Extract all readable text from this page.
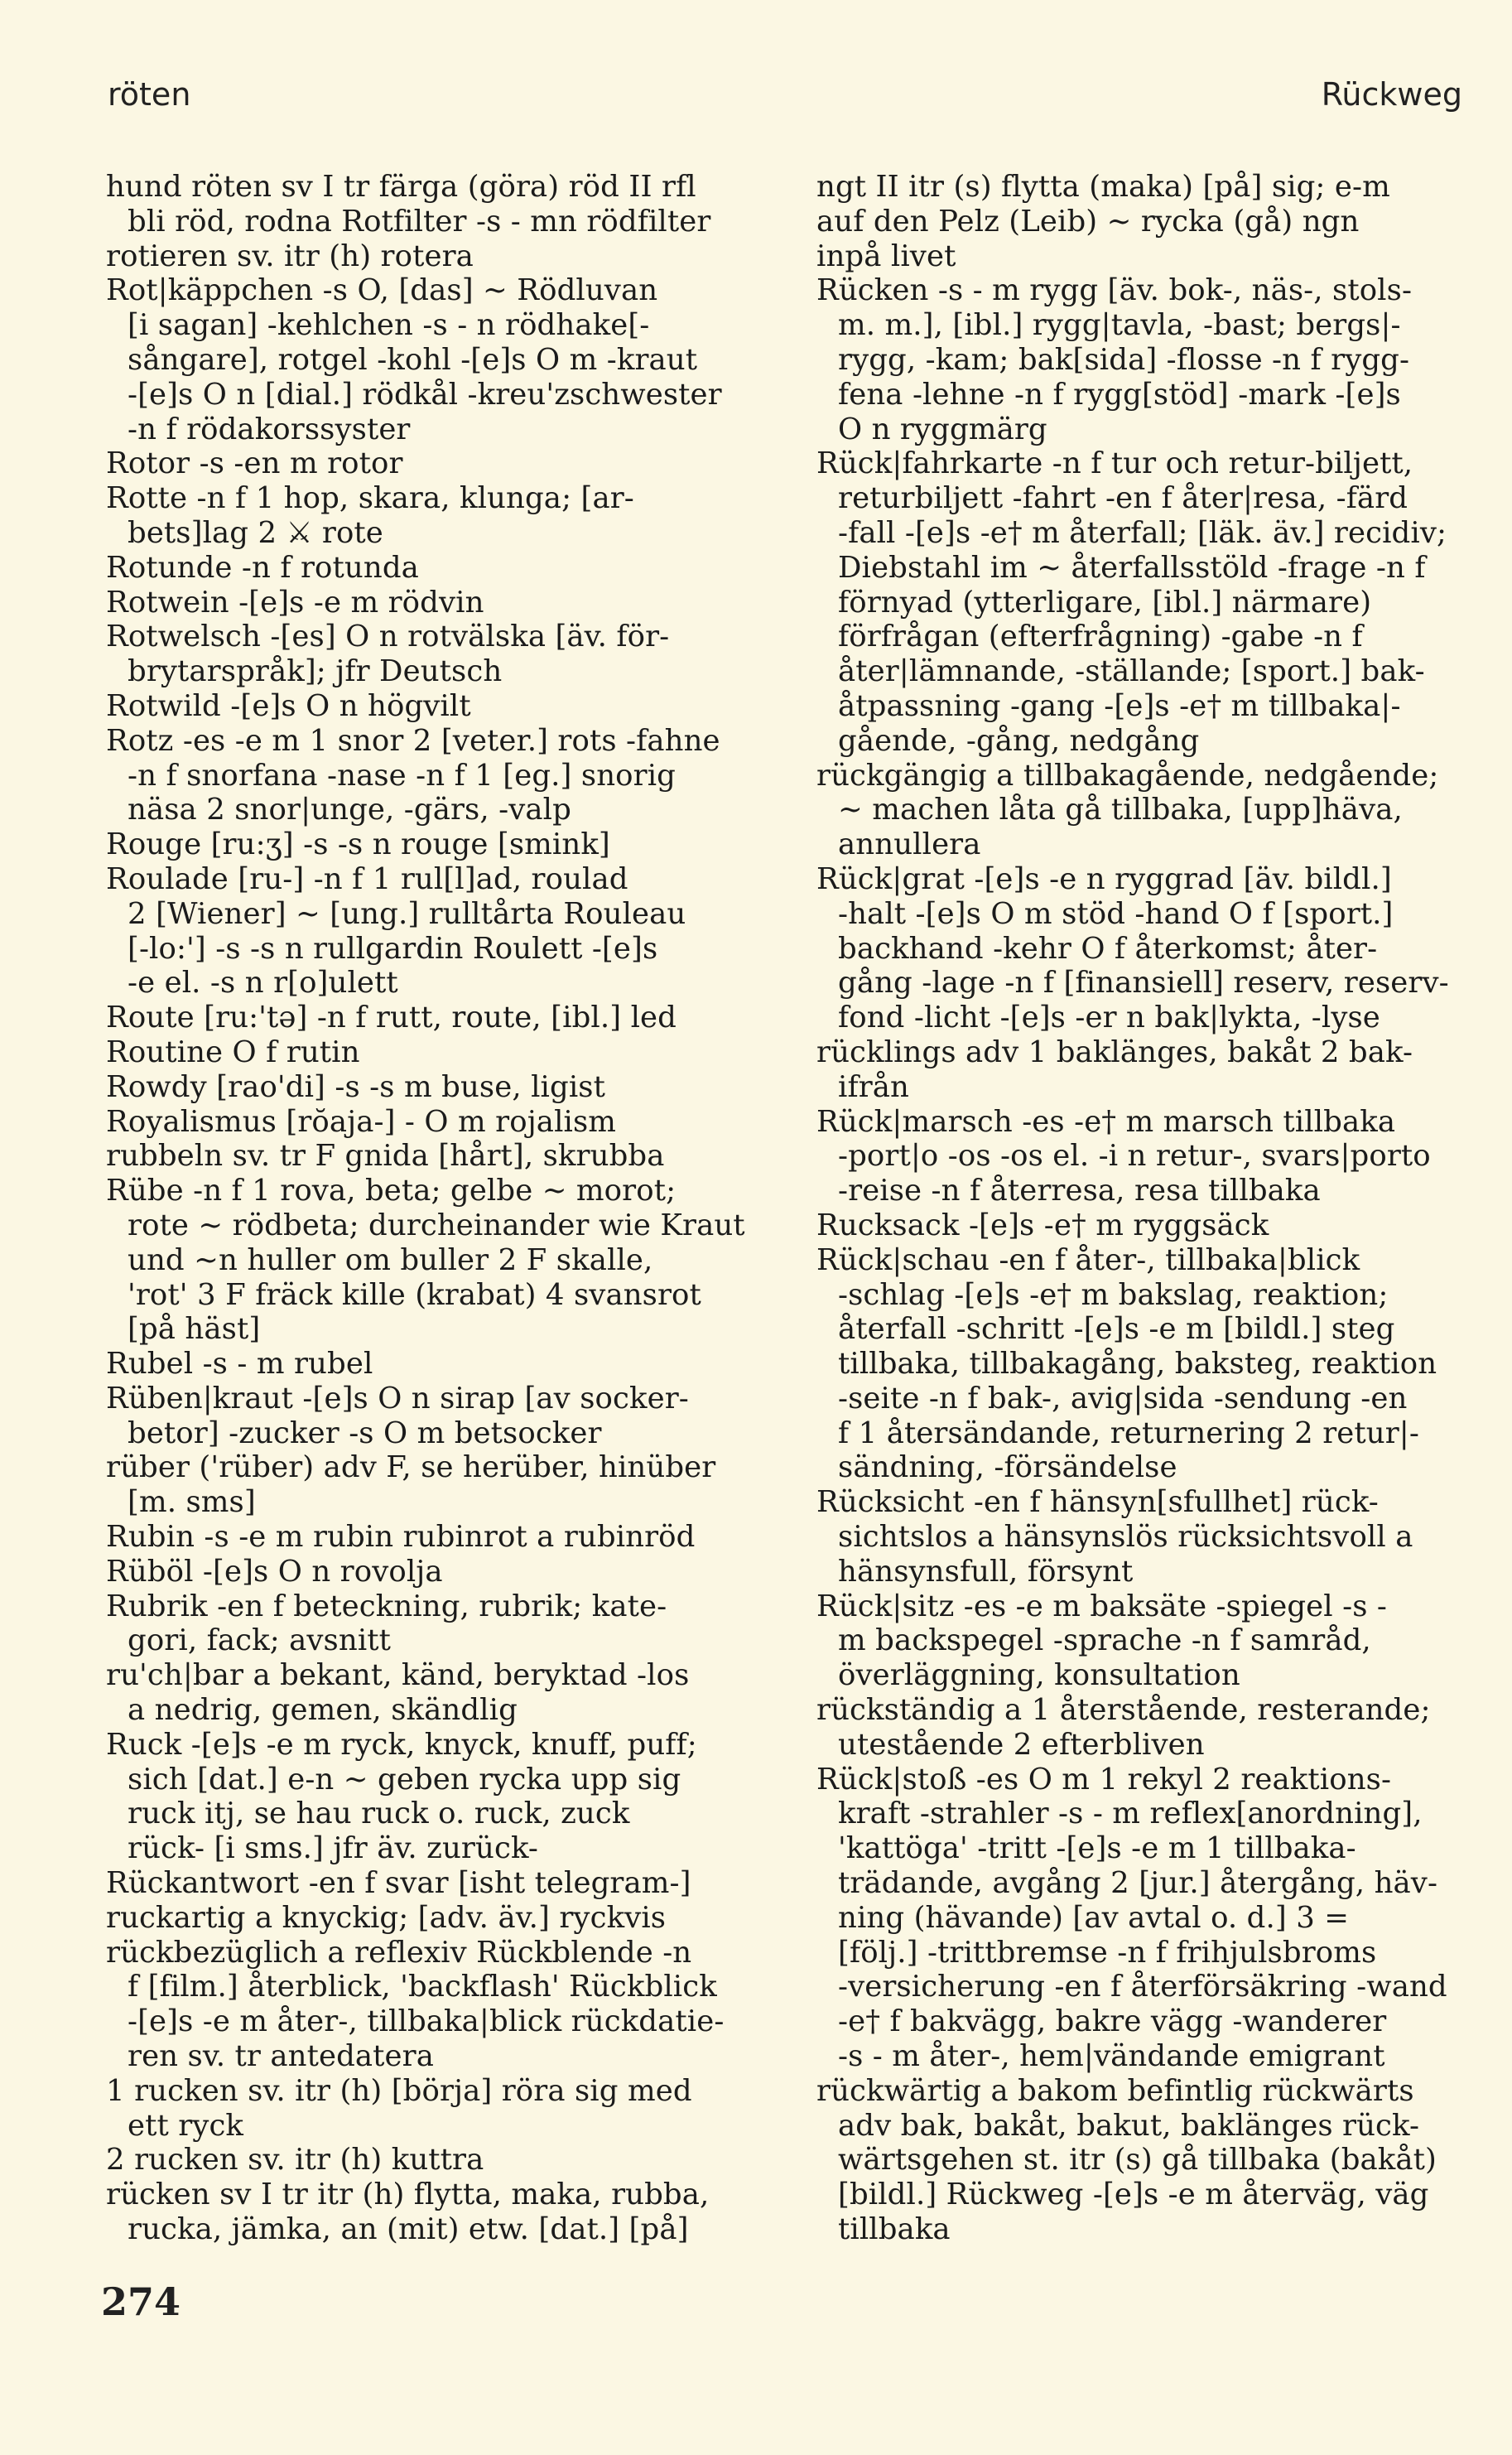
röten	Rückweg
hund röten sv I tr färga (göra) röd II rfl
bli röd, rodna Rotfilter -s - mn rödfilter
rotieren sv. itr (h) rotera
Rot|käppchen -s O, [das] ~ Rödluvan
[i sagan] -kehlchen -s - n rödhake[-
sångare], rotgel -kohl -[e]s O m -kraut
-[e]s O n [dial.] rödkål -kreu'zschwester
-n f rödakorssyster
Rotor -s -en m rotor
Rotte -n f 1 hop, skara, klunga; [ar-
bets]lag 2 ⚔ rote
Rotunde -n f rotunda
Rotwein -[e]s -e m rödvin
Rotwelsch -[es] O n rotvälska [äv. för-
brytarspråk]; jfr Deutsch
Rotwild -[e]s O n högvilt
Rotz -es -e m 1 snor 2 [veter.] rots -fahne
-n f snorfana -nase -n f 1 [eg.] snorig
näsa 2 snor|unge, -gärs, -valp
Rouge [ru:ʒ] -s -s n rouge [smink]
Roulade [ru-] -n f 1 rul[l]ad, roulad
2 [Wiener] ~ [ung.] rulltårta Rouleau
[-lo:'] -s -s n rullgardin Roulett -[e]s
-e el. -s n r[o]ulett
Route [ru:'tə] -n f rutt, route, [ibl.] led
Routine O f rutin
Rowdy [rao'di] -s -s m buse, ligist
Royalismus [rŏaja-] - O m rojalism
rubbeln sv. tr F gnida [hårt], skrubba
Rübe -n f 1 rova, beta; gelbe ~ morot;
rote ~ rödbeta; durcheinander wie Kraut
und ~n huller om buller 2 F skalle,
'rot' 3 F fräck kille (krabat) 4 svansrot
[på häst]
Rubel -s - m rubel
Rüben|kraut -[e]s O n sirap [av socker-
betor] -zucker -s O m betsocker
rüber ('rüber) adv F, se herüber, hinüber
[m. sms]
Rubin -s -e m rubin rubinrot a rubinröd
Rüböl -[e]s O n rovolja
Rubrik -en f beteckning, rubrik; kate-
gori, fack; avsnitt
ru'ch|bar a bekant, känd, beryktad -los
a nedrig, gemen, skändlig
Ruck -[e]s -e m ryck, knyck, knuff, puff;
sich [dat.] e-n ~ geben rycka upp sig
ruck itj, se hau ruck o. ruck, zuck
rück- [i sms.] jfr äv. zurück-
Rückantwort -en f svar [isht telegram-]
ruckartig a knyckig; [adv. äv.] ryckvis
rückbezüglich a reflexiv Rückblende -n
f [film.] återblick, 'backflash' Rückblick
-[e]s -e m åter-, tillbaka|blick rückdatie-
ren sv. tr antedatera
1 rucken sv. itr (h) [börja] röra sig med
ett ryck
2 rucken sv. itr (h) kuttra
rücken sv I tr itr (h) flytta, maka, rubba,
rucka, jämka, an (mit) etw. [dat.] [på]
ngt II itr (s) flytta (maka) [på] sig; e-m
auf den Pelz (Leib) ~ rycka (gå) ngn
inpå livet
Rücken -s - m rygg [äv. bok-, näs-, stols-
m. m.], [ibl.] rygg|tavla, -bast; bergs|-
rygg, -kam; bak[sida] -flosse -n f rygg-
fena -lehne -n f rygg[stöd] -mark -[e]s
O n ryggmärg
Rück|fahrkarte -n f tur och retur-biljett,
returbiljett -fahrt -en f åter|resa, -färd
-fall -[e]s -e† m återfall; [läk. äv.] recidiv;
Diebstahl im ~ återfallsstöld -frage -n f
förnyad (ytterligare, [ibl.] närmare)
förfrågan (efterfrågning) -gabe -n f
åter|lämnande, -ställande; [sport.] bak-
åtpassning -gang -[e]s -e† m tillbaka|-
gående, -gång, nedgång
rückgängig a tillbakagående, nedgående;
~ machen låta gå tillbaka, [upp]häva,
annullera
Rück|grat -[e]s -e n ryggrad [äv. bildl.]
-halt -[e]s O m stöd -hand O f [sport.]
backhand -kehr O f återkomst; åter-
gång -lage -n f [finansiell] reserv, reserv-
fond -licht -[e]s -er n bak|lykta, -lyse
rücklings adv 1 baklänges, bakåt 2 bak-
ifrån
Rück|marsch -es -e† m marsch tillbaka
-port|o -os -os el. -i n retur-, svars|porto
-reise -n f återresa, resa tillbaka
Rucksack -[e]s -e† m ryggsäck
Rück|schau -en f åter-, tillbaka|blick
-schlag -[e]s -e† m bakslag, reaktion;
återfall -schritt -[e]s -e m [bildl.] steg
tillbaka, tillbakagång, baksteg, reaktion
-seite -n f bak-, avig|sida -sendung -en
f 1 återsändande, returnering 2 retur|-
sändning, -försändelse
Rücksicht -en f hänsyn[sfullhet] rück-
sichtslos a hänsynslös rücksichtsvoll a
hänsynsfull, försynt
Rück|sitz -es -e m baksäte -spiegel -s -
m backspegel -sprache -n f samråd,
överläggning, konsultation
rückständig a 1 återstående, resterande;
utestående 2 efterbliven
Rück|stoß -es O m 1 rekyl 2 reaktions-
kraft -strahler -s - m reflex[anordning],
'kattöga' -tritt -[e]s -e m 1 tillbaka-
trädande, avgång 2 [jur.] återgång, häv-
ning (hävande) [av avtal o. d.] 3 =
[följ.] -trittbremse -n f frihjulsbroms
-versicherung -en f återförsäkring -wand
-e† f bakvägg, bakre vägg -wanderer
-s - m åter-, hem|vändande emigrant
rückwärtig a bakom befintlig rückwärts
adv bak, bakåt, bakut, baklänges rück-
wärtsgehen st. itr (s) gå tillbaka (bakåt)
[bildl.] Rückweg -[e]s -e m återväg, väg
tillbaka
274
